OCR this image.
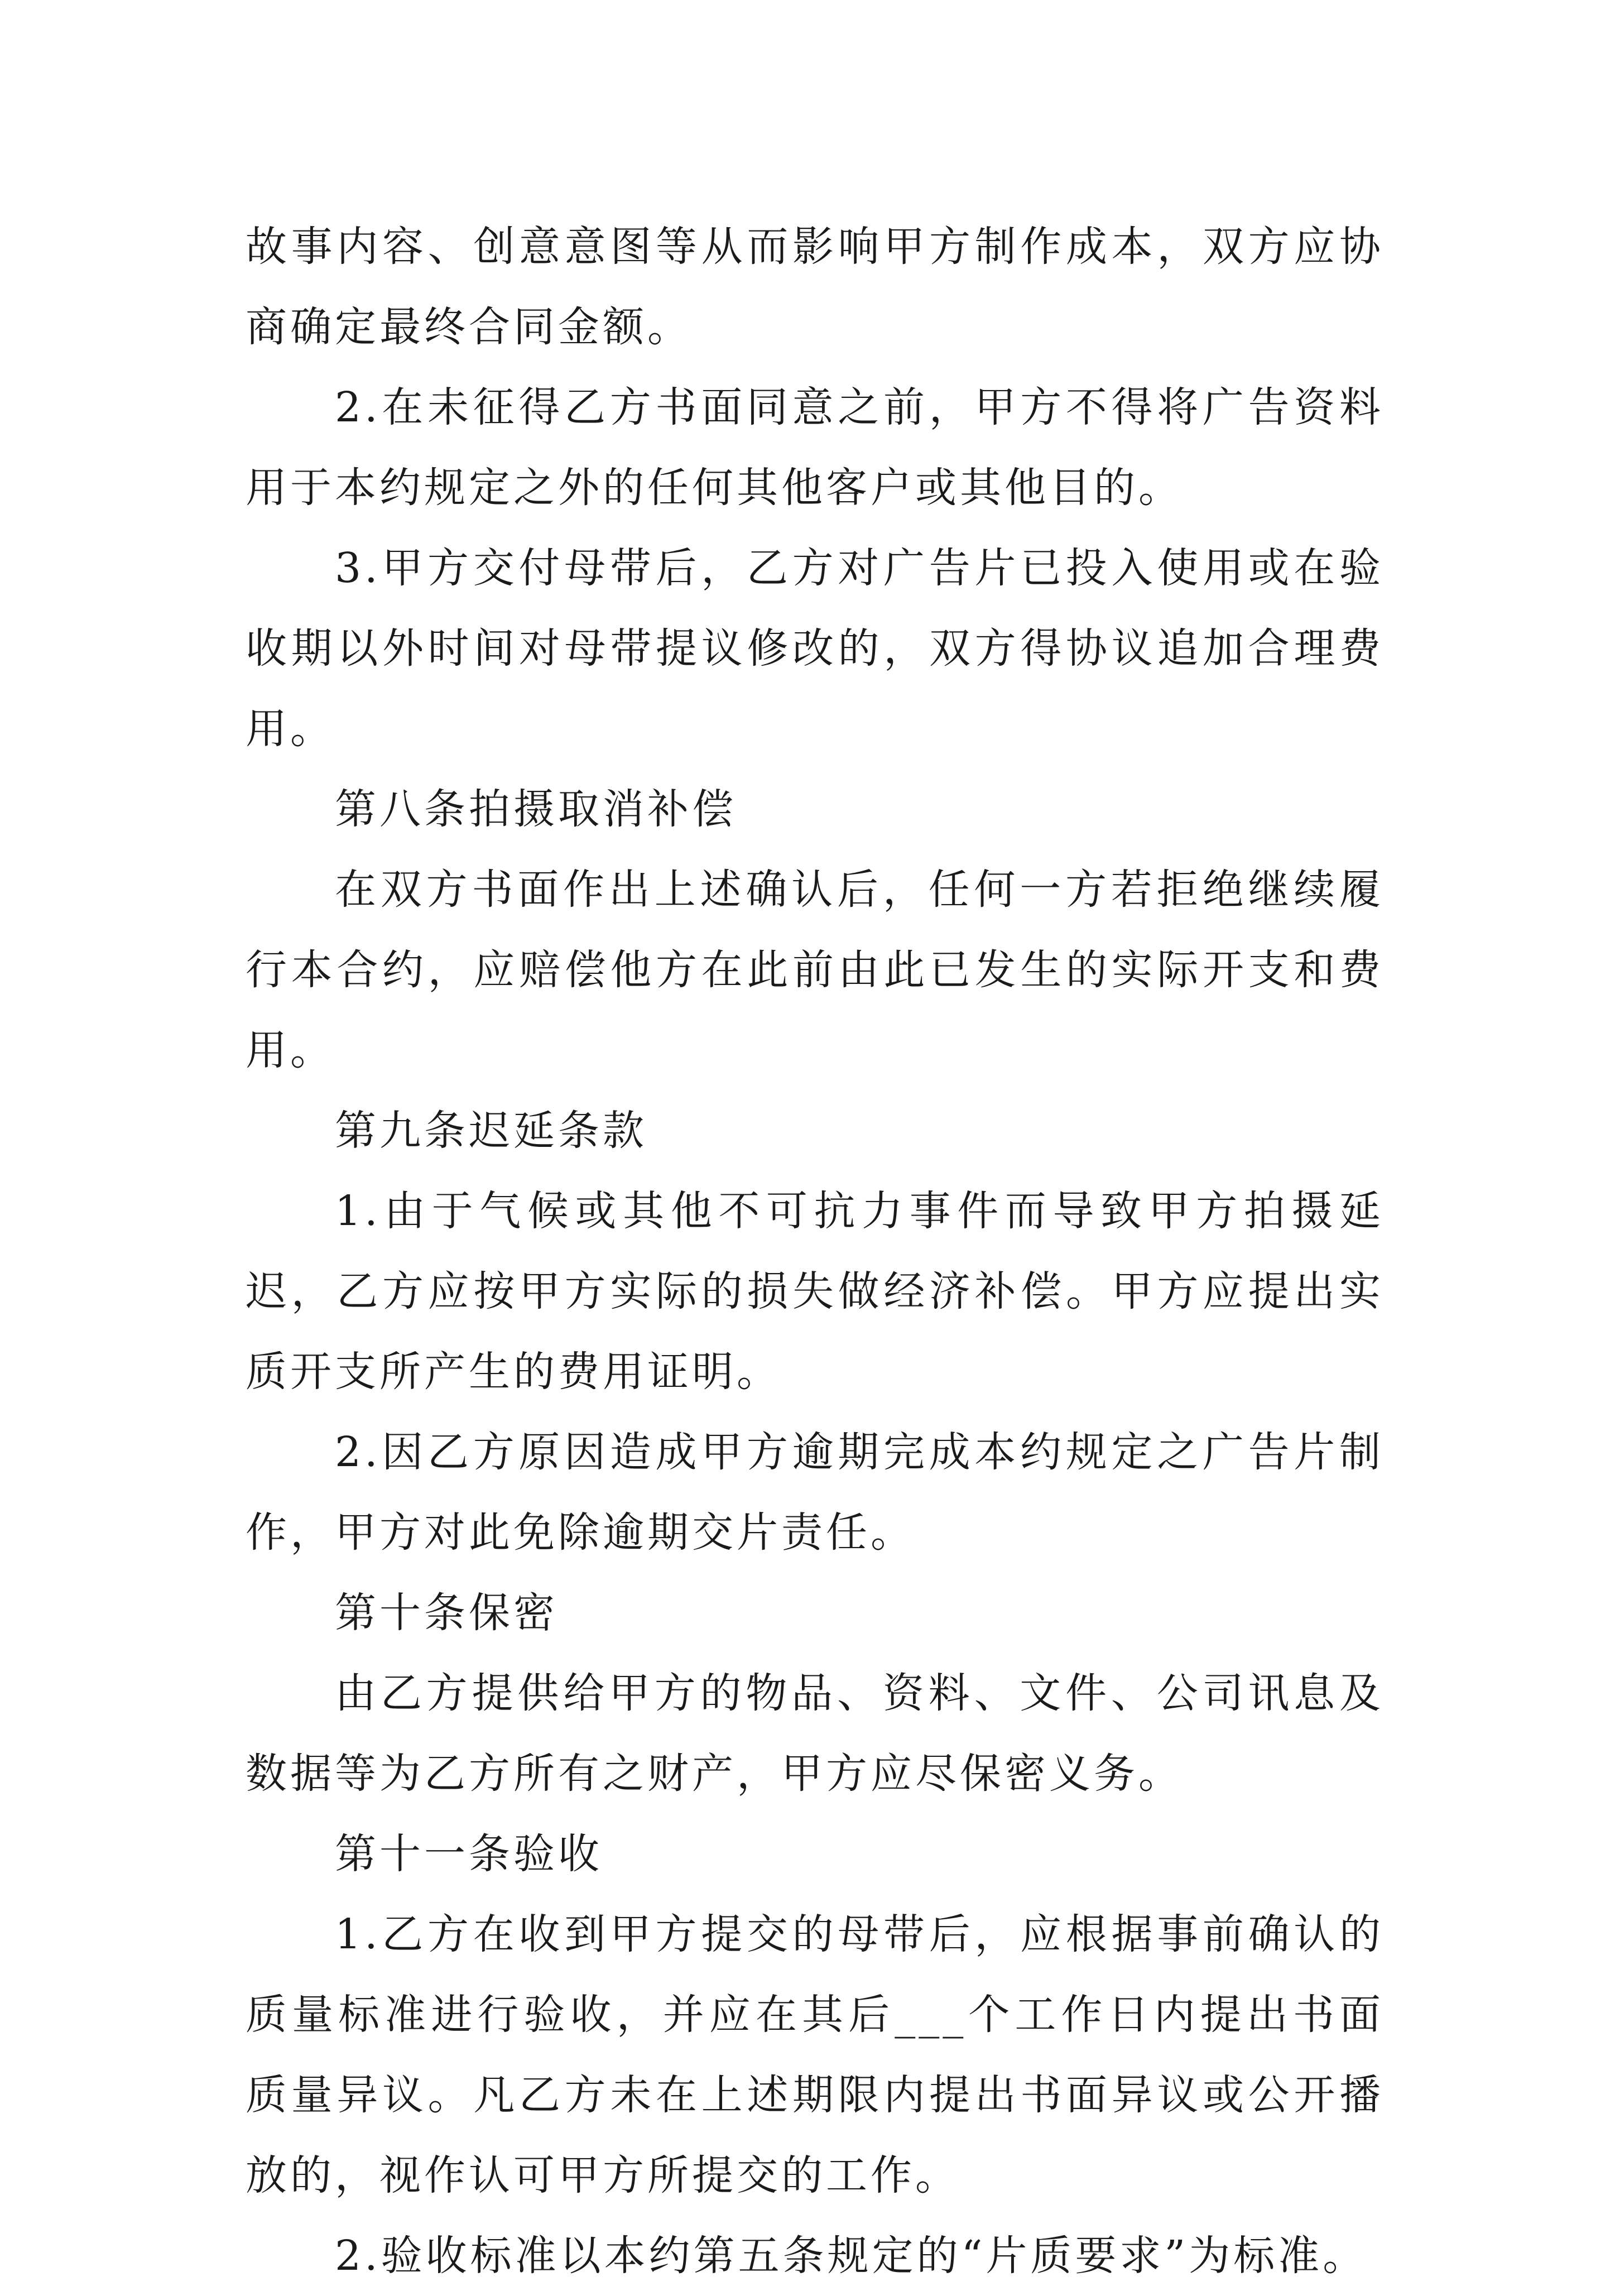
故事内容、创意意图等从而影响甲方制作成本，双方应协商确定最终合同金额。

2.在未征得乙方书面同意之前，甲方不得将广告资料用于本约规定之外的任何其他客户或其他目的。

3.甲方交付母带后，乙方对广告片已投入使用或在验收期以外时间对母带提议修改的，双方得协议追加合理费用。

第八条拍摄取消补偿

在双方书面作出上述确认后，任何一方若拒绝继续履行本合约，应赔偿他方在此前由此已发生的实际开支和费用。

第九条迟延条款

1.由于气候或其他不可抗力事件而导致甲方拍摄延迟，乙方应按甲方实际的损失做经济补偿。甲方应提出实质开支所产生的费用证明。

2.因乙方原因造成甲方逾期完成本约规定之广告片制作，甲方对此免除逾期交片责任。

第十条保密

由乙方提供给甲方的物品、资料、文件、公司讯息及数据等为乙方所有之财产，甲方应尽保密义务。

第十一条验收

1.乙方在收到甲方提交的母带后，应根据事前确认的质量标准进行验收，并应在其后___个工作日内提出书面质量异议。凡乙方未在上述期限内提出书面异议或公开播放的，视作认可甲方所提交的工作。

2.验收标准以本约第五条规定的“片质要求”为标准。
